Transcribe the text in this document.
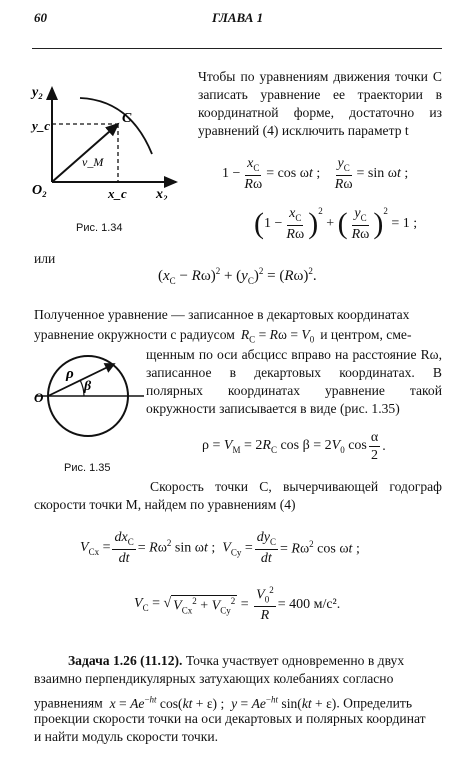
60	ГЛАВА 1
y₂
y_c	C
v_M
O₂	x_c x₂
Рис. 1.34
Чтобы по уравнениям движения точки C записать уравнение ее траектории в координатной форме, достаточно из уравнений (4) исключить параметр t
$1 - \frac{x_C}{R\omega} = \cos \omega t$ ; $\frac{y_C}{R\omega} = \sin \omega t$ ;
( $1 - \frac{x_C}{R\omega} )^2$
+ ( $\frac{y_C}{R\omega} )^2$
= 1 ;
или
$(x_C - R\omega)^2 + (y_C)^2 = (R\omega)^2$.
Полученное уравнение — записанное в декартовых координатах
уравнение окружности с радиусом $R_C = R\omega = V_0$ и центром, сме-
O
ρ
β
щенным по оси абсцисс вправо на расстояние Rω, записанное в декартовых координатах. В полярных координатах уравнение такой окружности записывается в виде (рис. 1.35)
$\rho = V_M = 2R_C$ $\cos \beta = 2V_0$ $\cos \frac{\alpha}{2}$ .
Рис. 1.35
Скорость точки C, вычерчивающей годограф скорости точки M, найдем по уравнениям (4)
$V_{Cx} = \frac{dx_C}{dt} = R\omega^2$ sin ωt ;  $V_{Cy} = \frac{dy_C}{dt} = R\omega^2$ cos ωt ;
$V_C$ = √ $V_{Cx}^2 + V_{Cy}^2 = \frac{V_0^2}{R} = 400$ м/с².
Задача 1.26 (11.12). Точка участвует одновременно в двух
взаимно перпендикулярных затухающих колебаниях согласно
уравнениям $x = Ae^{-ht}$ cos(kt + ε) ;  $y = Ae^{-ht}$ sin(kt + ε). Определить
проекции скорости точки на оси декартовых и полярных координат
и найти модуль скорости точки.
